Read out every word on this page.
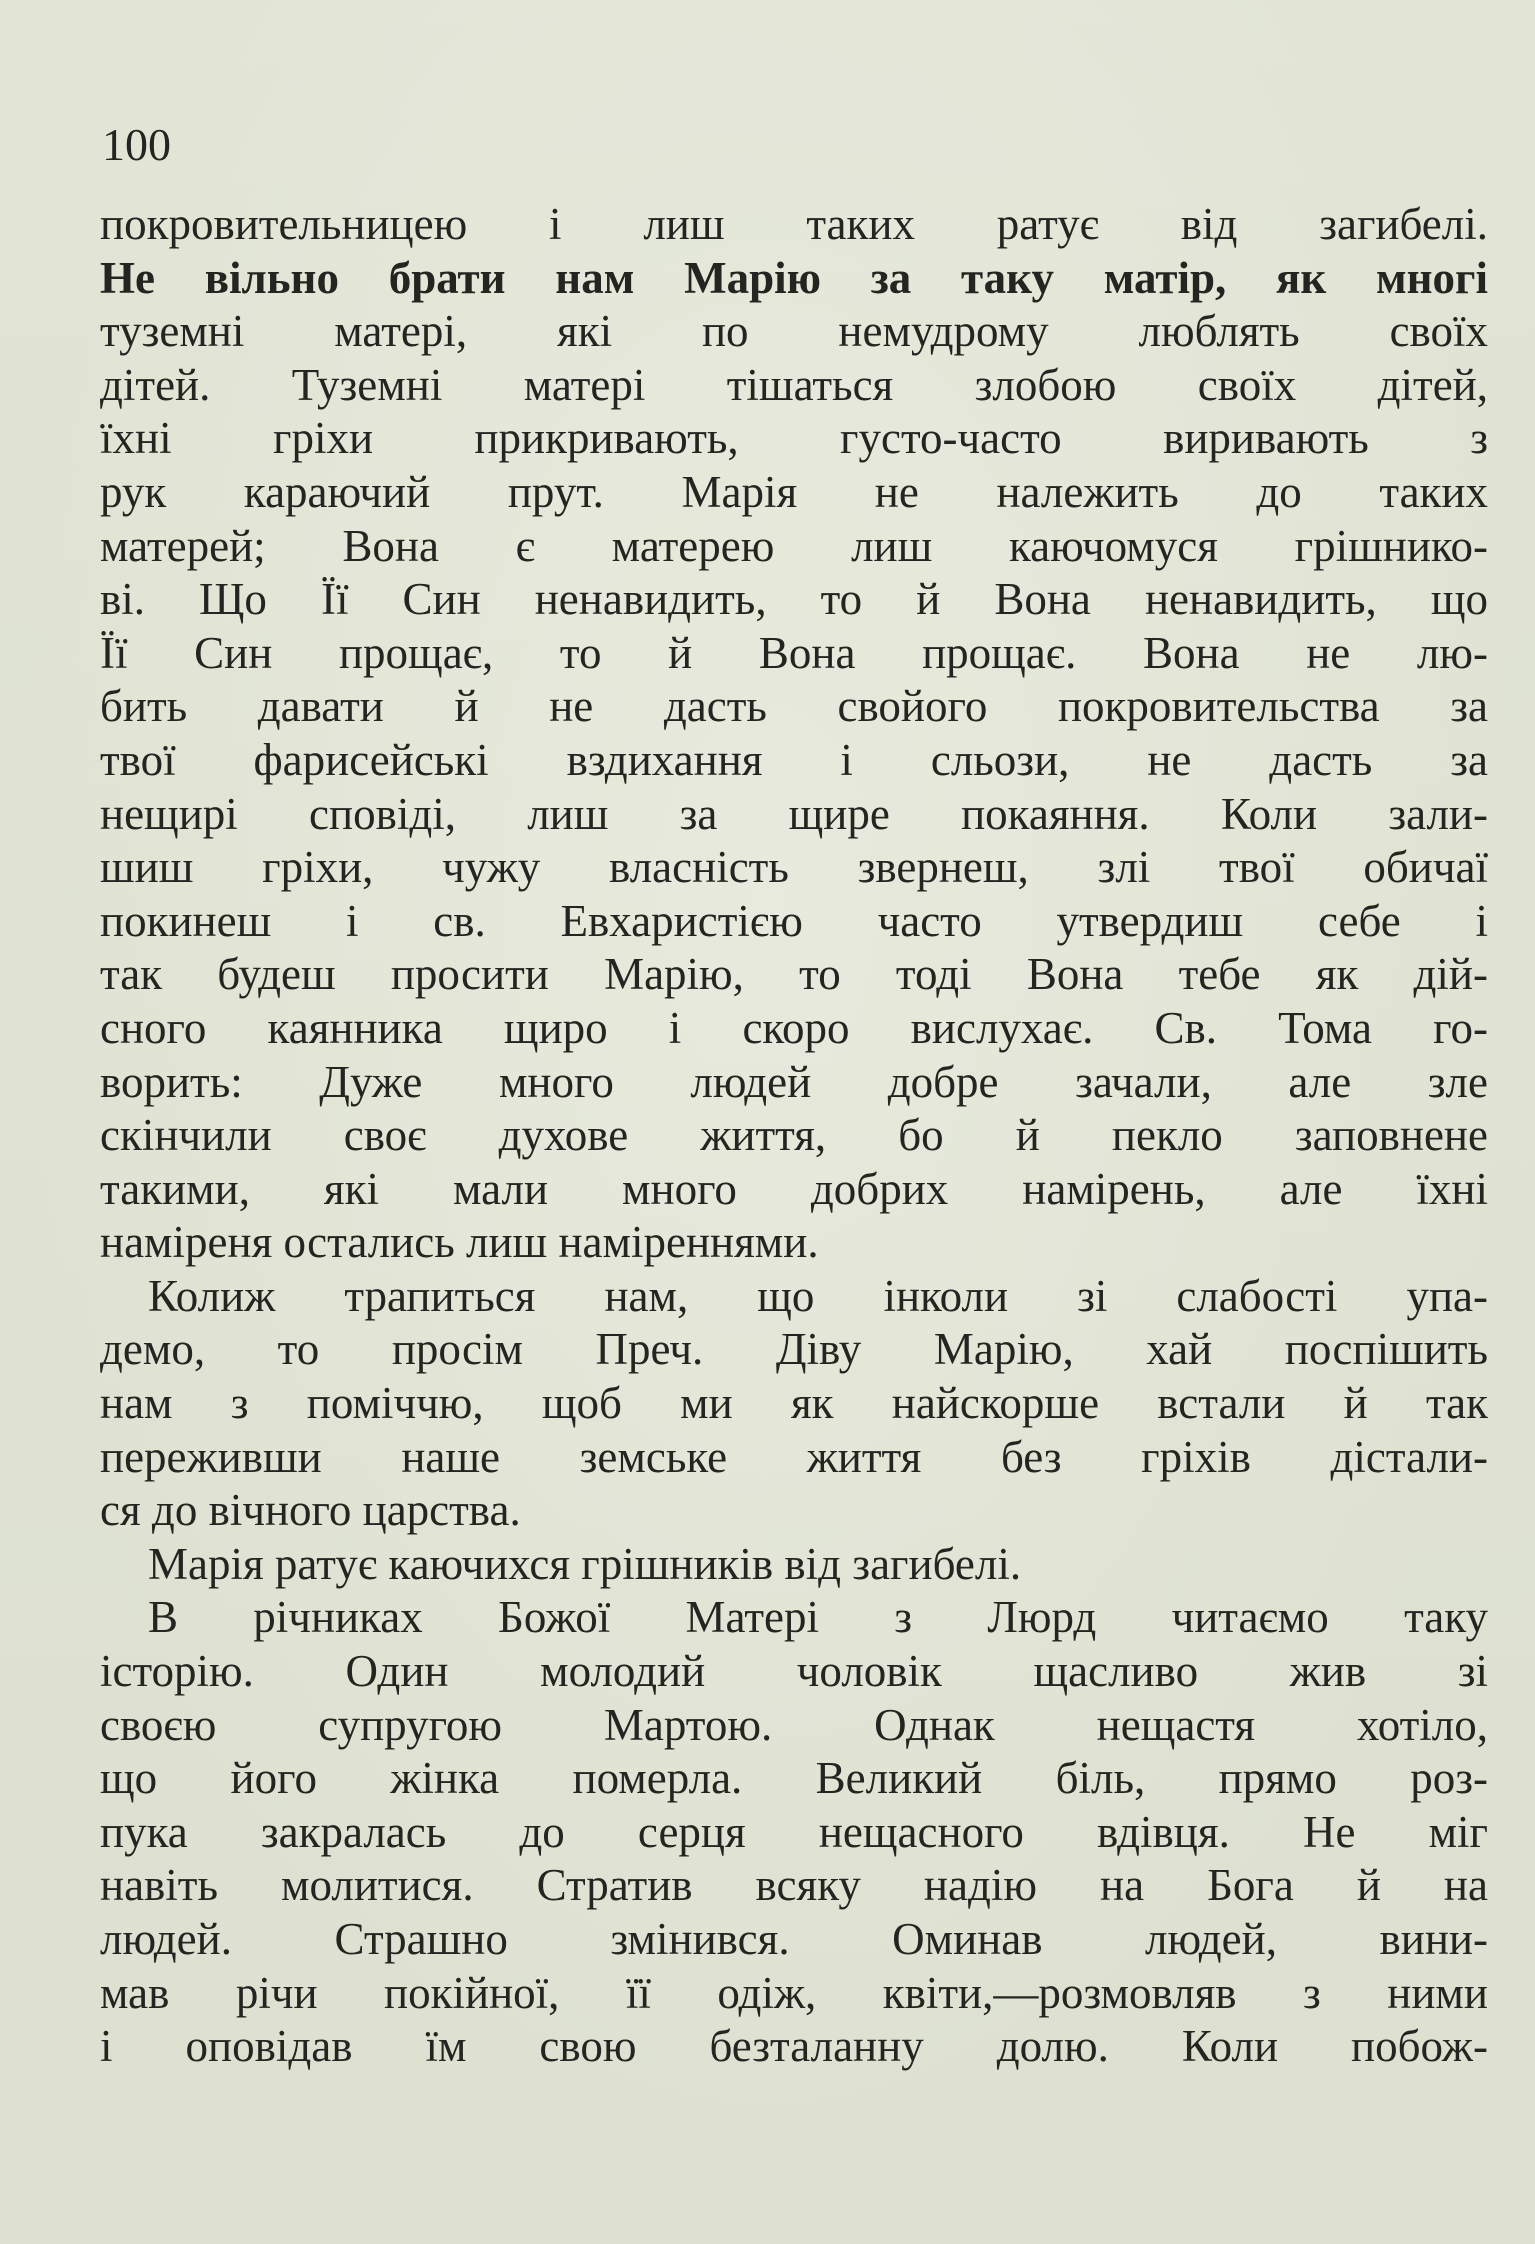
100
покровительницею і лиш таких ратує від загибелі.
Не вільно брати нам Марію за таку матір, як многі
туземні матері, які по немудрому люблять своїх
дітей. Туземні матері тішаться злобою своїх дітей,
їхні гріхи прикривають, густо-часто виривають з
рук караючий прут. Марія не належить до таких
матерей; Вона є матерею лиш каючомуся грішнико-
ві. Що Її Син ненавидить, то й Вона ненавидить, що
Її Син прощає, то й Вона прощає. Вона не лю-
бить давати й не дасть свойого покровительства за
твої фарисейські вздихання і сльози, не дасть за
нещирі сповіді, лиш за щире покаяння. Коли зали-
шиш гріхи, чужу власність звернеш, злі твої обичаї
покинеш і св. Евхаристією часто утвердиш себе і
так будеш просити Марію, то тоді Вона тебе як дій-
сного каянника щиро і скоро вислухає. Св. Тома го-
ворить: Дуже много людей добре зачали, але зле
скінчили своє духове життя, бо й пекло заповнене
такими, які мали много добрих намірень, але їхні
наміреня остались лиш наміреннями.
Колиж трапиться нам, що інколи зі слабості упа-
демо, то просім Преч. Діву Марію, хай поспішить
нам з поміччю, щоб ми як найскорше встали й так
переживши наше земське життя без гріхів дістали-
ся до вічного царства.
Марія ратує каючихся грішників від загибелі.
В річниках Божої Матері з Люрд читаємо таку
історію. Один молодий чоловік щасливо жив зі
своєю супругою Мартою. Однак нещастя хотіло,
що його жінка померла. Великий біль, прямо роз-
пука закралась до серця нещасного вдівця. Не міг
навіть молитися. Стратив всяку надію на Бога й на
людей. Страшно змінився. Оминав людей, вини-
мав річи покійної, її одіж, квіти,—розмовляв з ними
і оповідав їм свою безталанну долю. Коли побож-
